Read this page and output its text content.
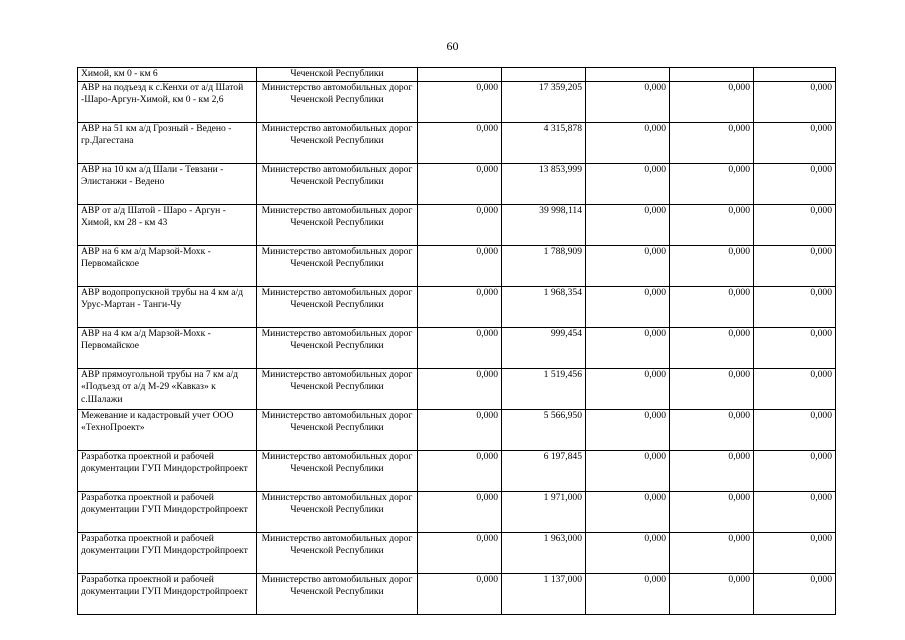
60
Химой, км 0 - км 6	Чеченской Республики					
АВР на подъезд к с.Кенхи от а/д Шатой -Шаро-Аргун-Химой, км 0 - км 2,6	Министерство автомобильных дорог Чеченской Республики	0,000	17 359,205	0,000	0,000	0,000
АВР на 51 км а/д Грозный - Ведено - гр.Дагестана	Министерство автомобильных дорог Чеченской Республики	0,000	4 315,878	0,000	0,000	0,000
АВР на 10 км а/д Шали - Тевзани - Элистанжи - Ведено	Министерство автомобильных дорог Чеченской Республики	0,000	13 853,999	0,000	0,000	0,000
АВР от а/д Шатой - Шаро - Аргун - Химой, км 28 - км 43	Министерство автомобильных дорог Чеченской Республики	0,000	39 998,114	0,000	0,000	0,000
АВР на 6 км а/д Марзой-Мохк - Первомайское	Министерство автомобильных дорог Чеченской Республики	0,000	1 788,909	0,000	0,000	0,000
АВР водопропускной трубы на 4 км а/д Урус-Мартан - Танги-Чу	Министерство автомобильных дорог Чеченской Республики	0,000	1 968,354	0,000	0,000	0,000
АВР на 4 км а/д Марзой-Мохк - Первомайское	Министерство автомобильных дорог Чеченской Республики	0,000	999,454	0,000	0,000	0,000
АВР прямоугольной трубы на 7 км а/д «Подъезд от а/д М-29 «Кавказ» к с.Шалажи	Министерство автомобильных дорог Чеченской Республики	0,000	1 519,456	0,000	0,000	0,000
Межевание и кадастровый учет ООО «ТехноПроект»	Министерство автомобильных дорог Чеченской Республики	0,000	5 566,950	0,000	0,000	0,000
Разработка проектной и рабочей документации ГУП Миндорстройпроект	Министерство автомобильных дорог Чеченской Республики	0,000	6 197,845	0,000	0,000	0,000
Разработка проектной и рабочей документации ГУП Миндорстройпроект	Министерство автомобильных дорог Чеченской Республики	0,000	1 971,000	0,000	0,000	0,000
Разработка проектной и рабочей документации ГУП Миндорстройпроект	Министерство автомобильных дорог Чеченской Республики	0,000	1 963,000	0,000	0,000	0,000
Разработка проектной и рабочей документации ГУП Миндорстройпроект	Министерство автомобильных дорог Чеченской Республики	0,000	1 137,000	0,000	0,000	0,000
